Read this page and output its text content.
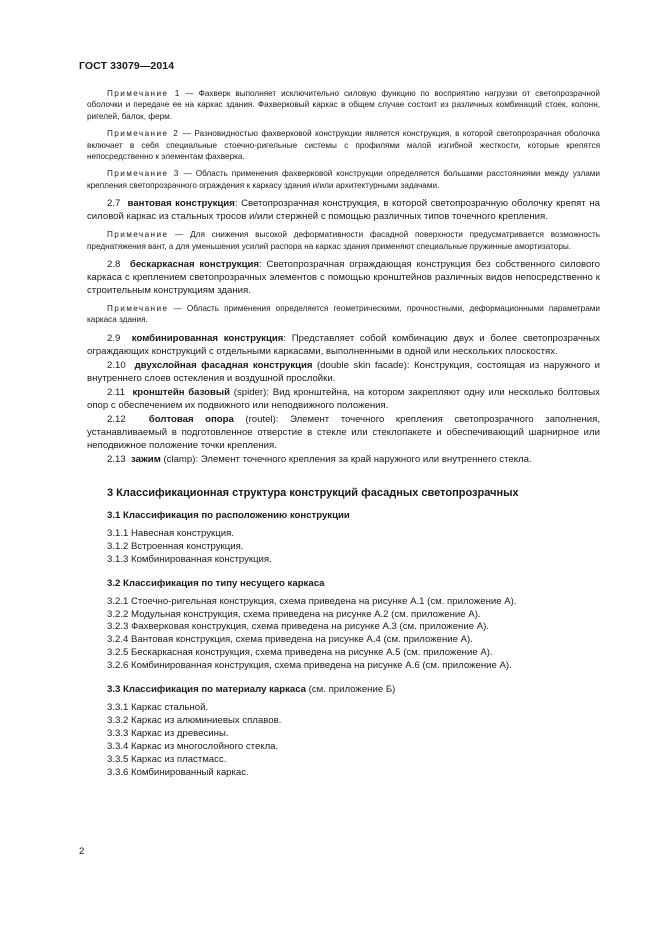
ГОСТ 33079—2014

Примечание 1 — Фахверк выполняет исключительно силовую функцию по восприятию нагрузки от светопрозрачной оболочки и передаче ее на каркас здания. Фахверковый каркас в общем случае состоит из различных комбинаций стоек, колонн, ригелей, балок, ферм.

Примечание 2 — Разновидностью фахверковой конструкции является конструкция, в которой светопрозрачная оболочка включает в себя специальные стоечно-ригельные системы с профилями малой изгибной жесткости, которые крепятся непосредственно к элементам фахверка.

Примечание 3 — Область применения фахверковой конструкции определяется большими расстояниями между узлами крепления светопрозрачного ограждения к каркасу здания и/или архитектурными задачами.

2.7 вантовая конструкция: Светопрозрачная конструкция, в которой светопрозрачную оболочку крепят на силовой каркас из стальных тросов и/или стержней с помощью различных типов точечного крепления.

Примечание — Для снижения высокой деформативности фасадной поверхности предусматривается возможность преднатяжения вант, а для уменьшения усилий распора на каркас здания применяют специальные пружинные амортизаторы.

2.8 бескаркасная конструкция: Светопрозрачная ограждающая конструкция без собственного силового каркаса с креплением светопрозрачных элементов с помощью кронштейнов различных видов непосредственно к строительным конструкциям здания.

Примечание — Область применения определяется геометрическими, прочностными, деформационными параметрами каркаса здания.

2.9 комбинированная конструкция: Представляет собой комбинацию двух и более светопрозрачных ограждающих конструкций с отдельными каркасами, выполненными в одной или нескольких плоскостях.

2.10 двухслойная фасадная конструкция (double skin facade): Конструкция, состоящая из наружного и внутреннего слоев остекления и воздушной прослойки.

2.11 кронштейн базовый (spider): Вид кронштейна, на котором закрепляют одну или несколько болтовых опор с обеспечением их подвижного или неподвижного положения.

2.12 болтовая опора (routel): Элемент точечного крепления светопрозрачного заполнения, устанавливаемый в подготовленное отверстие в стекле или стеклопакете и обеспечивающий шарнирное или неподвижное положение точки крепления.

2.13 зажим (clamp): Элемент точечного крепления за край наружного или внутреннего стекла.

3 Классификационная структура конструкций фасадных светопрозрачных
3.1 Классификация по расположению конструкции
3.1.1 Навесная конструкция.
3.1.2 Встроенная конструкция.
3.1.3 Комбинированная конструкция.
3.2 Классификация по типу несущего каркаса
3.2.1 Стоечно-ригельная конструкция, схема приведена на рисунке А.1 (см. приложение А).
3.2.2 Модульная конструкция, схема приведена на рисунке А.2 (см. приложение А).
3.2.3 Фахверковая конструкция, схема приведена на рисунке А.3 (см. приложение А).
3.2.4 Вантовая конструкция, схема приведена на рисунке А.4 (см. приложение А).
3.2.5 Бескаркасная конструкция, схема приведена на рисунке А.5 (см. приложение А).
3.2.6 Комбинированная конструкция, схема приведена на рисунке А.6 (см. приложение А).
3.3 Классификация по материалу каркаса (см. приложение Б)
3.3.1 Каркас стальной.
3.3.2 Каркас из алюминиевых сплавов.
3.3.3 Каркас из древесины.
3.3.4 Каркас из многослойного стекла.
3.3.5 Каркас из пластмасс.
3.3.6 Комбинированный каркас.
2
